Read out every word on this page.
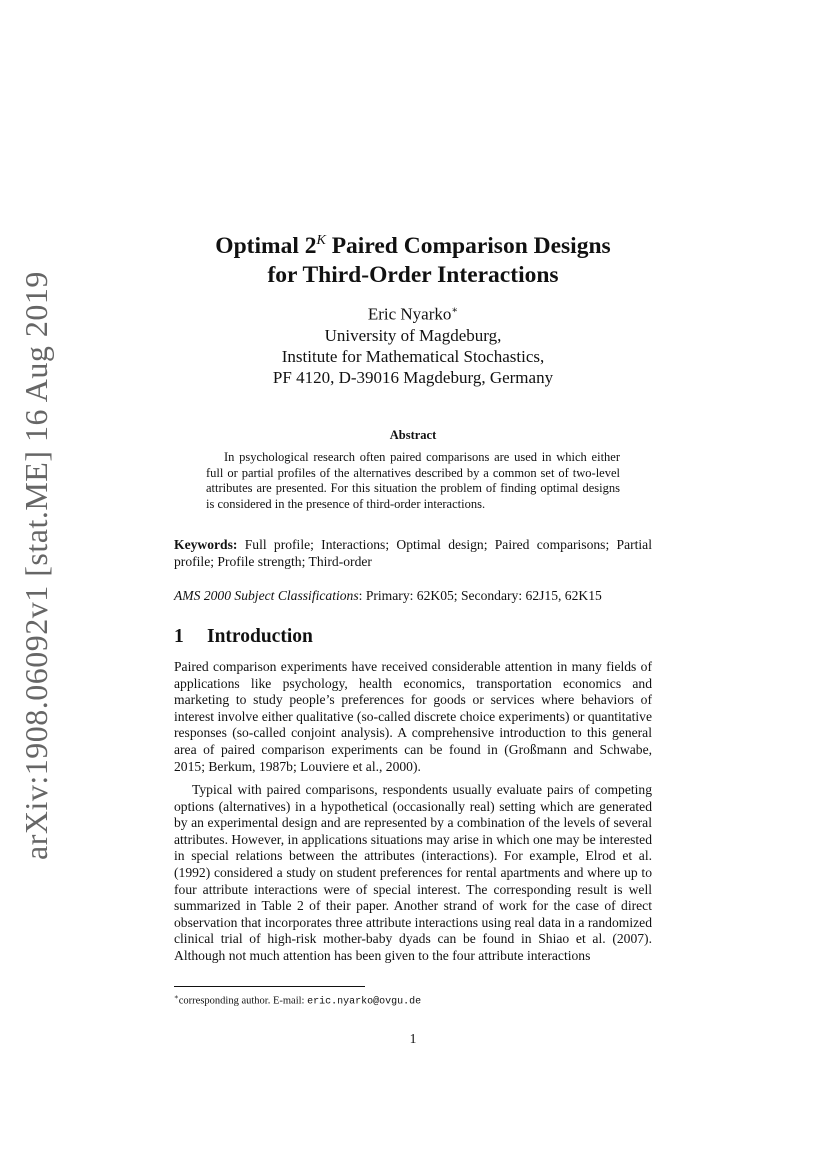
arXiv:1908.06092v1 [stat.ME] 16 Aug 2019
Optimal $2^K$ Paired Comparison Designs
for Third-Order Interactions
Eric Nyarko∗
University of Magdeburg,
Institute for Mathematical Stochastics,
PF 4120, D-39016 Magdeburg, Germany
Abstract
In psychological research often paired comparisons are used in which either full or partial profiles of the alternatives described by a common set of two-level attributes are presented. For this situation the problem of finding optimal designs is considered in the presence of third-order interactions.
Keywords: Full profile; Interactions; Optimal design; Paired comparisons; Partial profile; Profile strength; Third-order
AMS 2000 Subject Classifications: Primary: 62K05; Secondary: 62J15, 62K15
1 Introduction
Paired comparison experiments have received considerable attention in many fields of applications like psychology, health economics, transportation economics and marketing to study people’s preferences for goods or services where behaviors of interest involve either qualitative (so-called discrete choice experiments) or quantitative responses (so-called conjoint analysis). A comprehensive introduction to this general area of paired comparison experiments can be found in (Großmann and Schwabe, 2015; Berkum, 1987b; Louviere et al., 2000).
Typical with paired comparisons, respondents usually evaluate pairs of competing options (alternatives) in a hypothetical (occasionally real) setting which are generated by an experimental design and are represented by a combination of the levels of several attributes. However, in applications situations may arise in which one may be interested in special relations between the attributes (interactions). For example, Elrod et al. (1992) considered a study on student preferences for rental apartments and where up to four attribute interactions were of special interest. The corresponding result is well summarized in Table 2 of their paper. Another strand of work for the case of direct observation that incorporates three attribute interactions using real data in a randomized clinical trial of high-risk mother-baby dyads can be found in Shiao et al. (2007). Although not much attention has been given to the four attribute interactions
∗corresponding author. E-mail: eric.nyarko@ovgu.de
1
